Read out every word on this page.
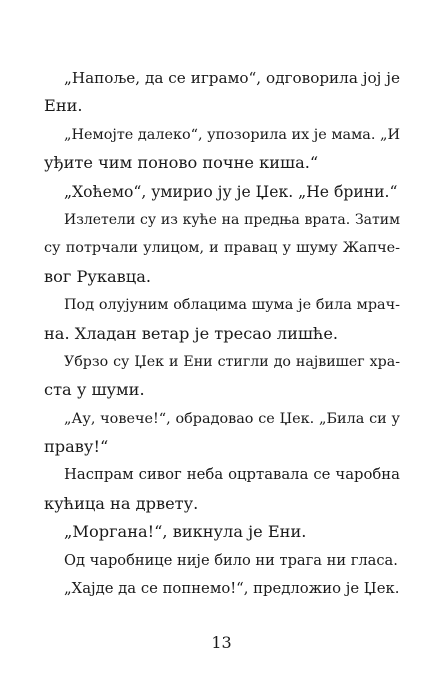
„Напоље, да се играмо“, одговорила јој је
Ени.
„Немојте далеко“, упозорила их је мама. „И
уђите чим поново почне киша.“
„Хоћемо“, умирио ју је Џек. „Не брини.“
Излетели су из куће на предња врата. Затим
су потрчали улицом, и правац у шуму Жапчe-
вог Рукавца.
Под олујуним облацима шума је била мрач-
на. Хладан ветар је тресао лишће.
Убрзо су Џек и Ени стигли до највишег хра-
ста у шуми.
„Ау, човече!“, обрадовао се Џек. „Била си у
праву!“
Наспрам сивог неба оцртавала се чаробна
кућица на дрвету.
„Моргана!“, викнула је Ени.
Од чаробнице није било ни трага ни гласа.
„Хајде да се попнемо!“, предложио је Џек.
13
